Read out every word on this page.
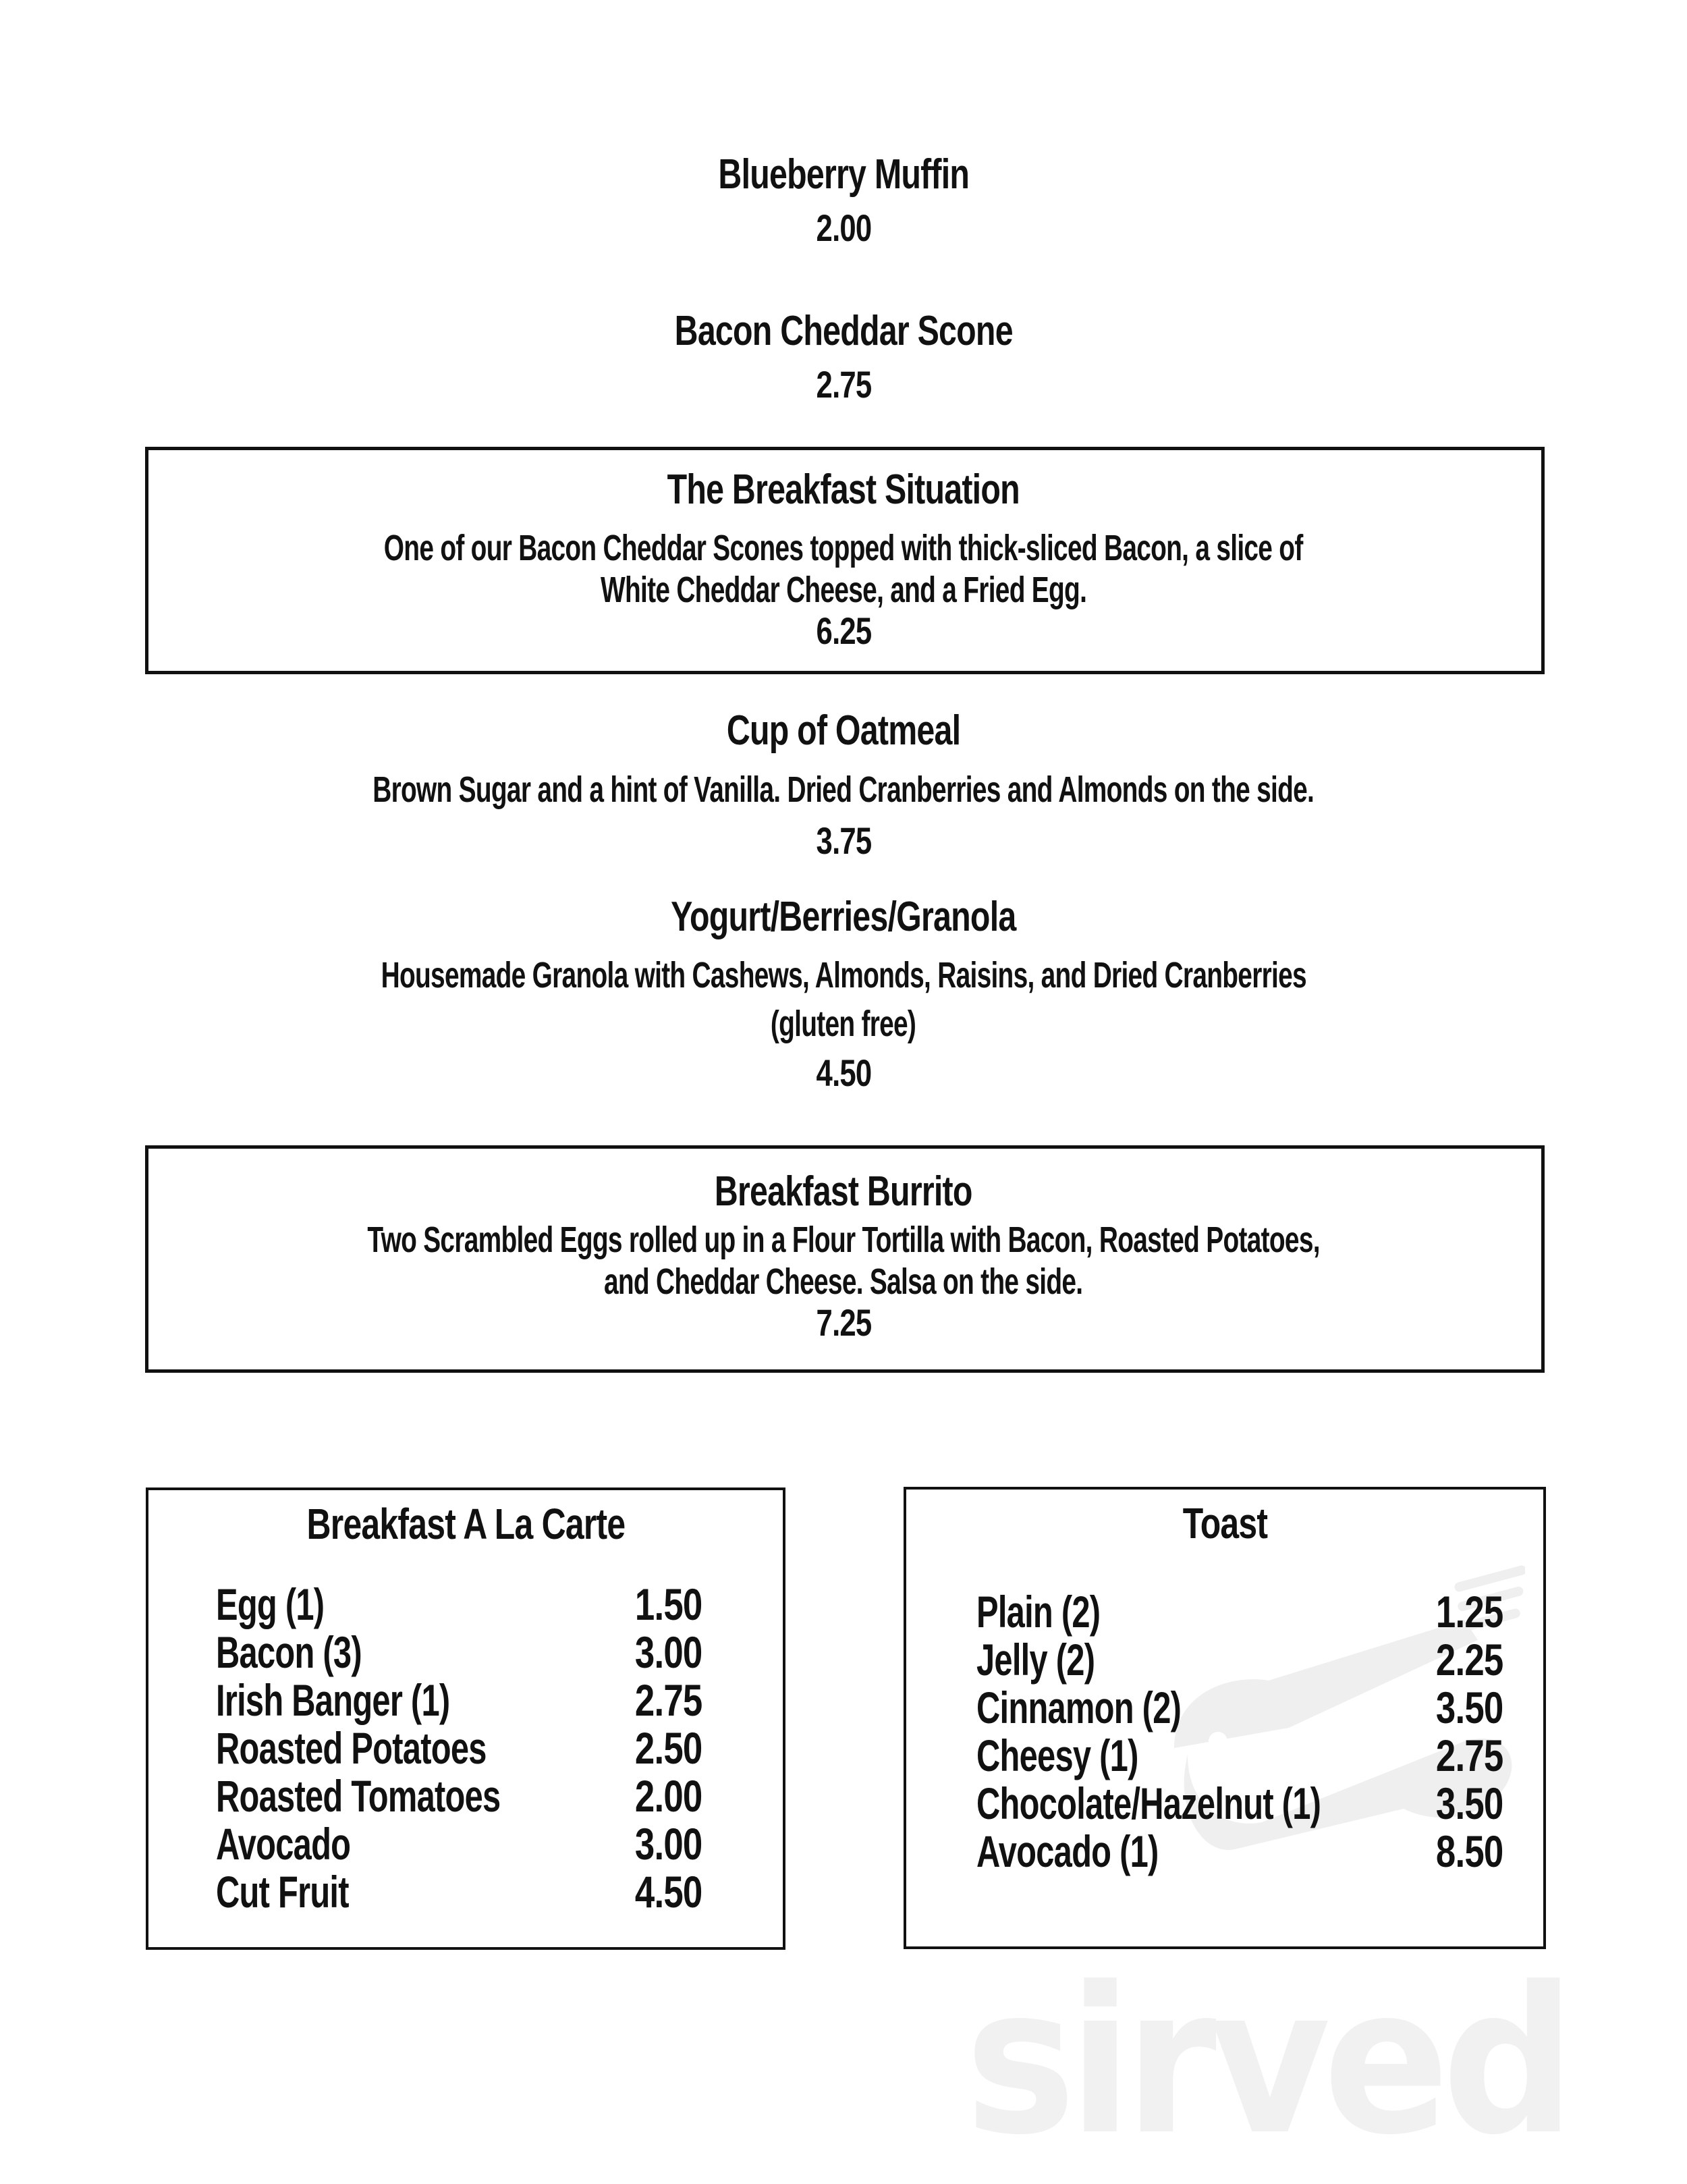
sirved
Blueberry Muffin
2.00
Bacon Cheddar Scone
2.75
The Breakfast Situation
One of our Bacon Cheddar Scones topped with thick-sliced Bacon, a slice of
White Cheddar Cheese, and a Fried Egg.
6.25
Cup of Oatmeal
Brown Sugar and a hint of Vanilla. Dried Cranberries and Almonds on the side.
3.75
Yogurt/Berries/Granola
Housemade Granola with Cashews, Almonds, Raisins, and Dried Cranberries
(gluten free)
4.50
Breakfast Burrito
Two Scrambled Eggs rolled up in a Flour Tortilla with Bacon, Roasted Potatoes,
and Cheddar Cheese. Salsa on the side.
7.25
Breakfast A La Carte
Egg (1)	1.50
Bacon (3)	3.00
Irish Banger (1)	2.75
Roasted Potatoes	2.50
Roasted Tomatoes	2.00
Avocado	3.00
Cut Fruit	4.50
Toast
Plain (2)	1.25
Jelly (2)	2.25
Cinnamon (2)	3.50
Cheesy (1)	2.75
Chocolate/Hazelnut (1)	3.50
Avocado (1)	8.50
